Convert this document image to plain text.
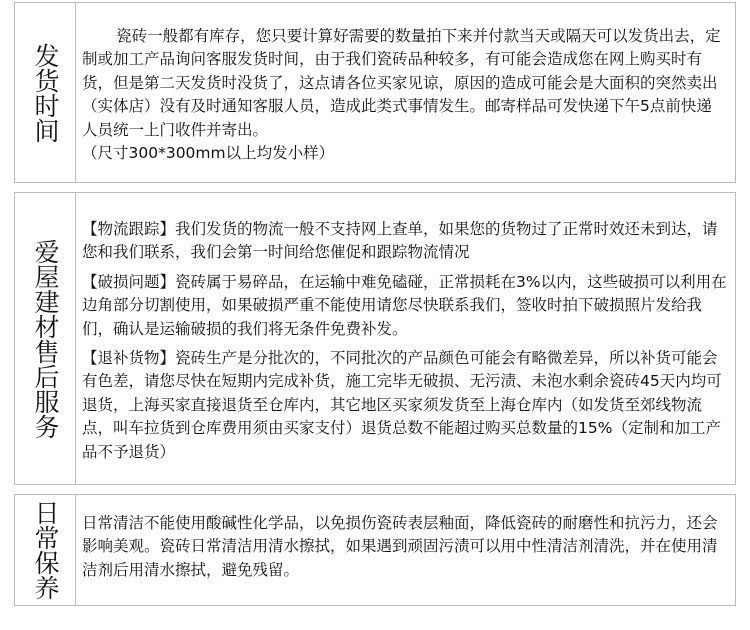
发货时间

瓷砖一般都有库存，您只要计算好需要的数量拍下来并付款当天或隔天可以发货出去，定制或加工产品询问客服发货时间，由于我们瓷砖品种较多，有可能会造成您在网上购买时有货，但是第二天发货时没货了，这点请各位买家见谅，原因的造成可能会是大面积的突然卖出（实体店）没有及时通知客服人员，造成此类式事情发生。邮寄样品可发快递下午5点前快递人员统一上门收件并寄出。

（尺寸300*300mm以上均发小样）

爱屋建材售后服务

【物流跟踪】我们发货的物流一般不支持网上查单，如果您的货物过了正常时效还未到达，请您和我们联系，我们会第一时间给您催促和跟踪物流情况

【破损问题】瓷砖属于易碎品，在运输中难免磕碰，正常损耗在3%以内，这些破损可以利用在边角部分切割使用，如果破损严重不能使用请您尽快联系我们，签收时拍下破损照片发给我们，确认是运输破损的我们将无条件免费补发。

【退补货物】瓷砖生产是分批次的，不同批次的产品颜色可能会有略微差异，所以补货可能会有色差，请您尽快在短期内完成补货，施工完毕无破损、无污渍、未泡水剩余瓷砖45天内均可退货，上海买家直接退货至仓库内，其它地区买家须发货至上海仓库内（如发货至郊线物流点，叫车拉货到仓库费用须由买家支付）退货总数不能超过购买总数量的15%（定制和加工产品不予退货）

日常保养 日常清洁不能使用酸碱性化学品，以免损伤瓷砖表层釉面，降低瓷砖的耐磨性和抗污力，还会影响美观。瓷砖日常清洁用清水擦拭，如果遇到顽固污渍可以用中性清洁剂清洗，并在使用清洁剂后用清水擦拭，避免残留。
